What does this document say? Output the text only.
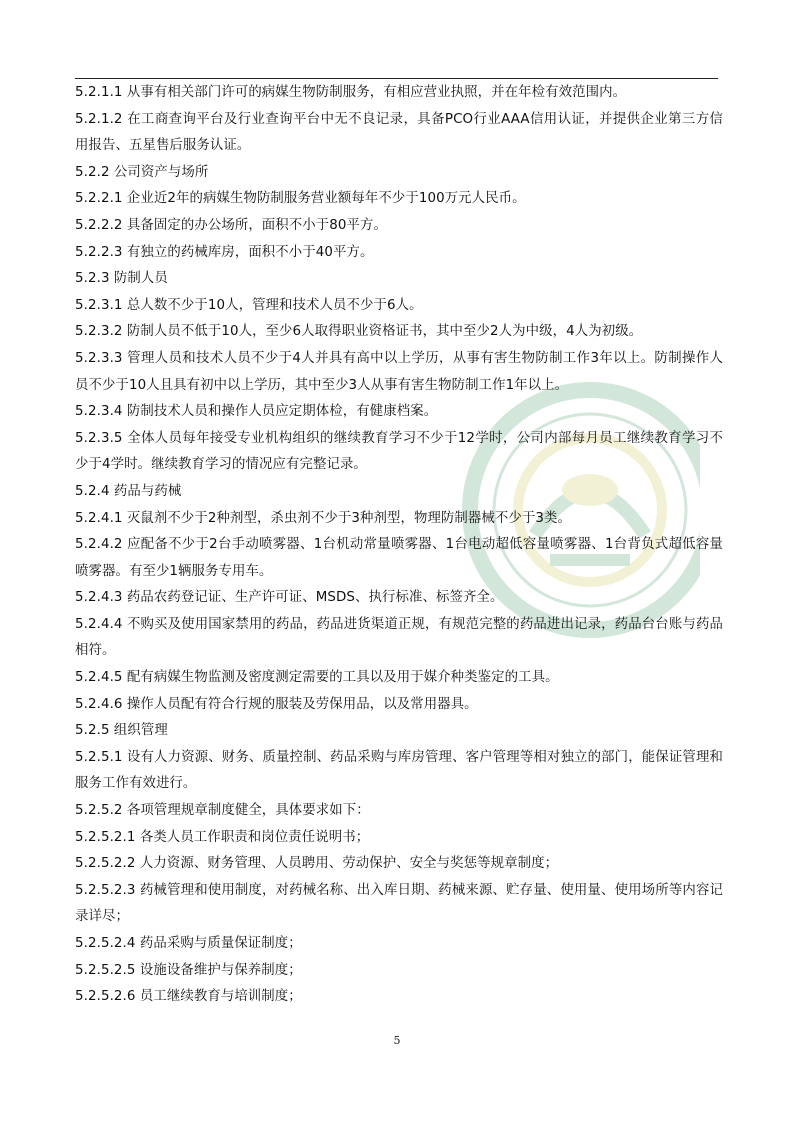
5.2.1.1 从事有相关部门许可的病媒生物防制服务，有相应营业执照，并在年检有效范围内。

5.2.1.2 在工商查询平台及行业查询平台中无不良记录，具备PCO行业AAA信用认证，并提供企业第三方信用报告、五星售后服务认证。

5.2.2 公司资产与场所

5.2.2.1 企业近2年的病媒生物防制服务营业额每年不少于100万元人民币。

5.2.2.2 具备固定的办公场所，面积不小于80平方。

5.2.2.3 有独立的药械库房，面积不小于40平方。

5.2.3 防制人员

5.2.3.1 总人数不少于10人，管理和技术人员不少于6人。

5.2.3.2 防制人员不低于10人，至少6人取得职业资格证书，其中至少2人为中级，4人为初级。

5.2.3.3 管理人员和技术人员不少于4人并具有高中以上学历，从事有害生物防制工作3年以上。防制操作人员不少于10人且具有初中以上学历，其中至少3人从事有害生物防制工作1年以上。

5.2.3.4 防制技术人员和操作人员应定期体检，有健康档案。

5.2.3.5 全体人员每年接受专业机构组织的继续教育学习不少于12学时，公司内部每月员工继续教育学习不少于4学时。继续教育学习的情况应有完整记录。

5.2.4 药品与药械

5.2.4.1 灭鼠剂不少于2种剂型，杀虫剂不少于3种剂型，物理防制器械不少于3类。

5.2.4.2 应配备不少于2台手动喷雾器、1台机动常量喷雾器、1台电动超低容量喷雾器、1台背负式超低容量喷雾器。有至少1辆服务专用车。

5.2.4.3 药品农药登记证、生产许可证、MSDS、执行标准、标签齐全。

5.2.4.4 不购买及使用国家禁用的药品，药品进货渠道正规，有规范完整的药品进出记录，药品台台账与药品相符。

5.2.4.5 配有病媒生物监测及密度测定需要的工具以及用于媒介种类鉴定的工具。

5.2.4.6 操作人员配有符合行规的服装及劳保用品，以及常用器具。

5.2.5 组织管理

5.2.5.1 设有人力资源、财务、质量控制、药品采购与库房管理、客户管理等相对独立的部门，能保证管理和服务工作有效进行。

5.2.5.2 各项管理规章制度健全，具体要求如下：

5.2.5.2.1 各类人员工作职责和岗位责任说明书；

5.2.5.2.2 人力资源、财务管理、人员聘用、劳动保护、安全与奖惩等规章制度；

5.2.5.2.3 药械管理和使用制度，对药械名称、出入库日期、药械来源、贮存量、使用量、使用场所等内容记录详尽；

5.2.5.2.4 药品采购与质量保证制度；

5.2.5.2.5 设施设备维护与保养制度；

5.2.5.2.6 员工继续教育与培训制度；

5
